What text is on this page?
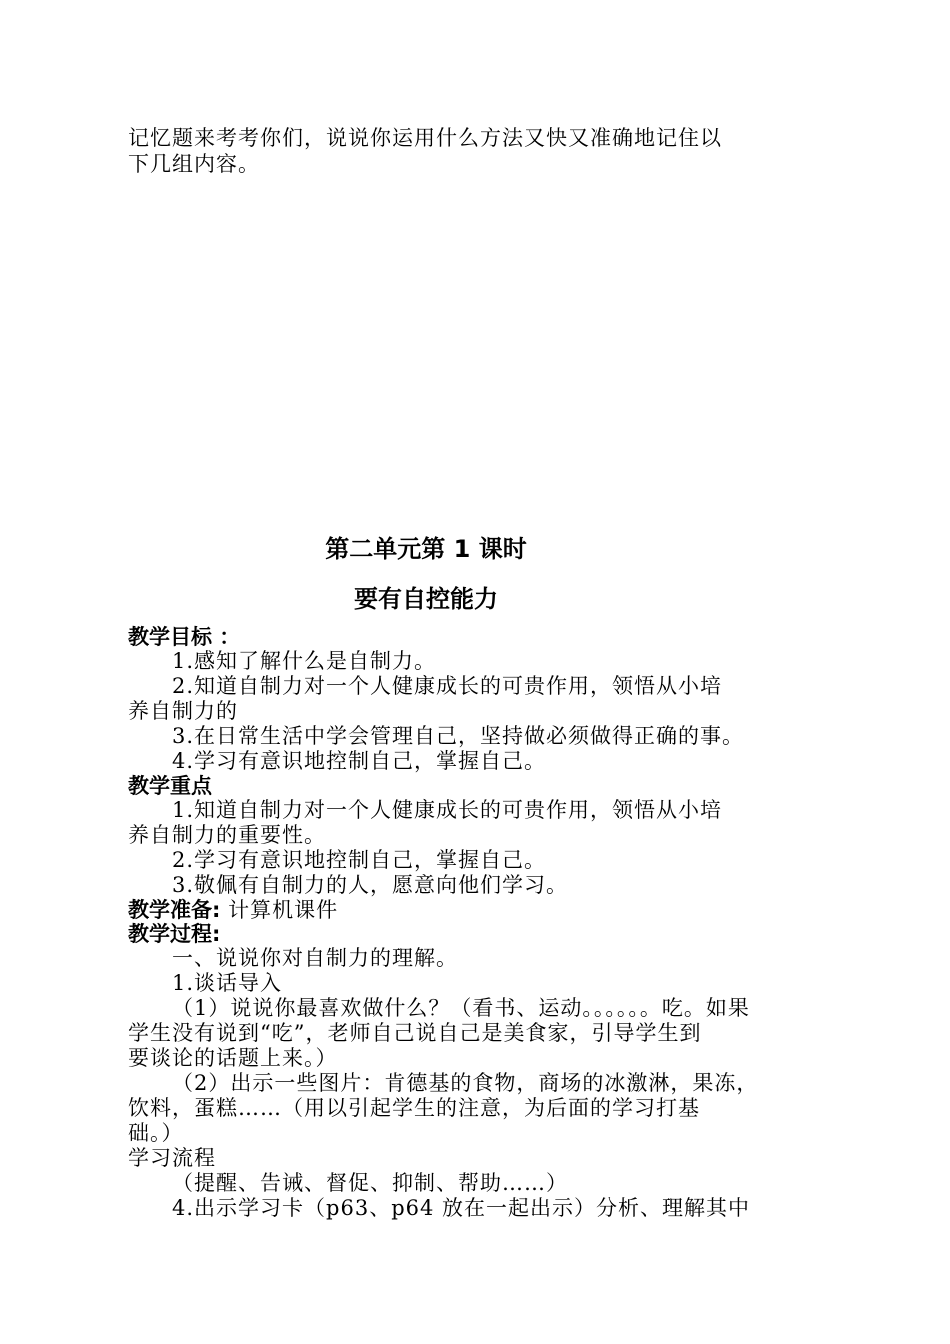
记忆题来考考你们，说说你运用什么方法又快又准确地记住以
下几组内容。
第二单元第 1 课时
要有自控能力
教学目标 ：
1.感知了解什么是自制力。
2.知道自制力对一个人健康成长的可贵作用，领悟从小培
养自制力的
3.在日常生活中学会管理自己，坚持做必须做得正确的事。
4.学习有意识地控制自己，掌握自己。
教学重点
1.知道自制力对一个人健康成长的可贵作用，领悟从小培
养自制力的重要性。
2.学习有意识地控制自己，掌握自己。
3.敬佩有自制力的人，愿意向他们学习。
教学准备: 计算机课件
教学过程:
一、说说你对自制力的理解。
1.谈话导入
（1）说说你最喜欢做什么？（看书、运动。。。。。。吃。如果
学生没有说到“吃”，老师自己说自己是美食家，引导学生到
要谈论的话题上来。）
（2）出示一些图片：肯德基的食物，商场的冰激淋，果冻，
饮料，蛋糕……（用以引起学生的注意，为后面的学习打基
础。）
学习流程
（提醒、告诫、督促、抑制、帮助……）
4.出示学习卡（p63、p64 放在一起出示）分析、理解其中
